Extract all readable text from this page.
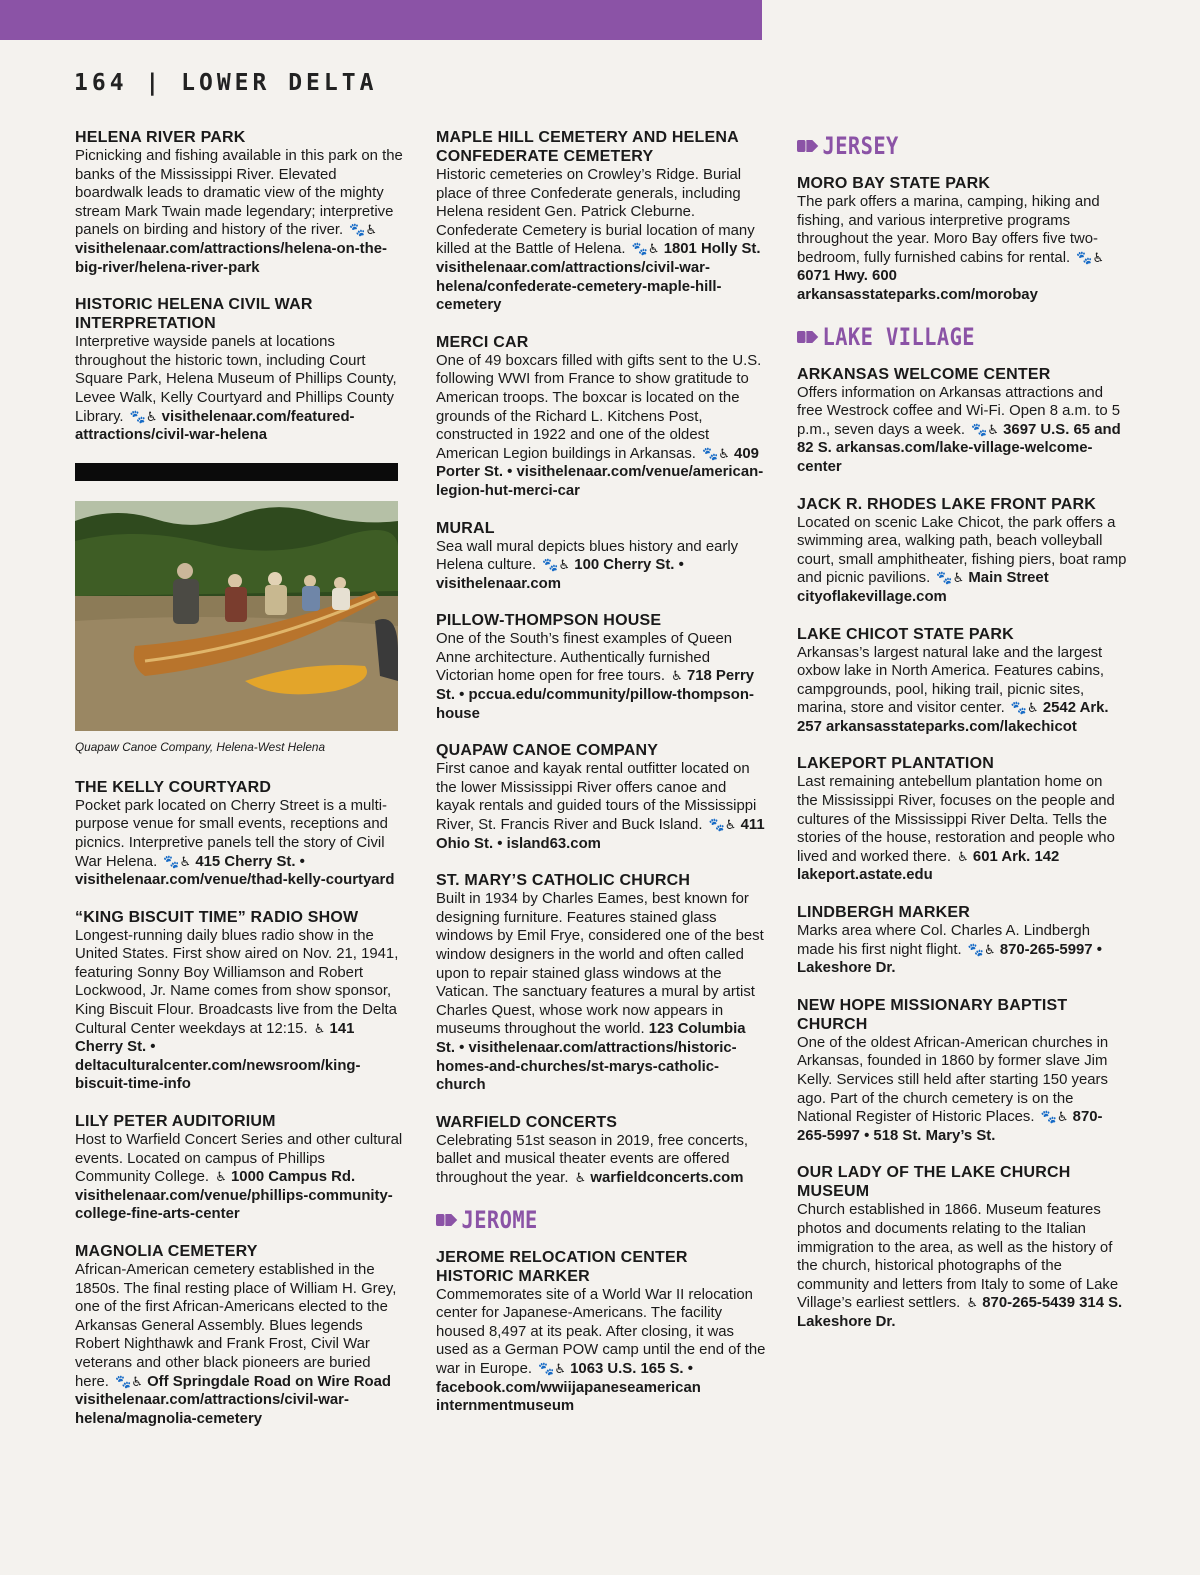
164 | LOWER DELTA
HELENA RIVER PARK
Picnicking and fishing available in this park on the banks of the Mississippi River. Elevated boardwalk leads to dramatic view of the mighty stream Mark Twain made legendary; interpretive panels on birding and history of the river. 🐾♿ visithelenaar.com/attractions/helena-on-the-big-river/helena-river-park
HISTORIC HELENA CIVIL WAR INTERPRETATION
Interpretive wayside panels at locations throughout the historic town, including Court Square Park, Helena Museum of Phillips County, Levee Walk, Kelly Courtyard and Phillips County Library. 🐾♿ visithelenaar.com/featured-attractions/civil-war-helena
Quapaw Canoe Company, Helena-West Helena
THE KELLY COURTYARD
Pocket park located on Cherry Street is a multi-purpose venue for small events, receptions and picnics. Interpretive panels tell the story of Civil War Helena. 🐾♿ 415 Cherry St. • visithelenaar.com/venue/thad-kelly-courtyard
“KING BISCUIT TIME” RADIO SHOW
Longest-running daily blues radio show in the United States. First show aired on Nov. 21, 1941, featuring Sonny Boy Williamson and Robert Lockwood, Jr. Name comes from show sponsor, King Biscuit Flour. Broadcasts live from the Delta Cultural Center weekdays at 12:15. ♿ 141 Cherry St. • deltaculturalcenter.com/newsroom/king-biscuit-time-info
LILY PETER AUDITORIUM
Host to Warfield Concert Series and other cultural events. Located on campus of Phillips Community College. ♿ 1000 Campus Rd. visithelenaar.com/venue/phillips-community-college-fine-arts-center
MAGNOLIA CEMETERY
African-American cemetery established in the 1850s. The final resting place of William H. Grey, one of the first African-Americans elected to the Arkansas General Assembly. Blues legends Robert Nighthawk and Frank Frost, Civil War veterans and other black pioneers are buried here. 🐾♿ Off Springdale Road on Wire Road visithelenaar.com/attractions/civil-war-helena/magnolia-cemetery
MAPLE HILL CEMETERY AND HELENA CONFEDERATE CEMETERY
Historic cemeteries on Crowley’s Ridge. Burial place of three Confederate generals, including Helena resident Gen. Patrick Cleburne. Confederate Cemetery is burial location of many killed at the Battle of Helena. 🐾♿ 1801 Holly St. visithelenaar.com/attractions/civil-war-helena/confederate-cemetery-maple-hill-cemetery
MERCI CAR
One of 49 boxcars filled with gifts sent to the U.S. following WWI from France to show gratitude to American troops. The boxcar is located on the grounds of the Richard L. Kitchens Post, constructed in 1922 and one of the oldest American Legion buildings in Arkansas. 🐾♿ 409 Porter St. • visithelenaar.com/venue/american-legion-hut-merci-car
MURAL
Sea wall mural depicts blues history and early Helena culture. 🐾♿ 100 Cherry St. • visithelenaar.com
PILLOW-THOMPSON HOUSE
One of the South’s finest examples of Queen Anne architecture. Authentically furnished Victorian home open for free tours. ♿ 718 Perry St. • pccua.edu/community/pillow-thompson-house
QUAPAW CANOE COMPANY
First canoe and kayak rental outfitter located on the lower Mississippi River offers canoe and kayak rentals and guided tours of the Mississippi River, St. Francis River and Buck Island. 🐾♿ 411 Ohio St. • island63.com
ST. MARY’S CATHOLIC CHURCH
Built in 1934 by Charles Eames, best known for designing furniture. Features stained glass windows by Emil Frye, considered one of the best window designers in the world and often called upon to repair stained glass windows at the Vatican. The sanctuary features a mural by artist Charles Quest, whose work now appears in museums throughout the world. 123 Columbia St. • visithelenaar.com/attractions/historic-homes-and-churches/st-marys-catholic-church
WARFIELD CONCERTS
Celebrating 51st season in 2019, free concerts, ballet and musical theater events are offered throughout the year. ♿ warfieldconcerts.com
JEROME
JEROME RELOCATION CENTER HISTORIC MARKER
Commemorates site of a World War II relocation center for Japanese-Americans. The facility housed 8,497 at its peak. After closing, it was used as a German POW camp until the end of the war in Europe. 🐾♿ 1063 U.S. 165 S. • facebook.com/wwiijapaneseamerican internmentmuseum
JERSEY
MORO BAY STATE PARK
The park offers a marina, camping, hiking and fishing, and various interpretive programs throughout the year. Moro Bay offers five two-bedroom, fully furnished cabins for rental. 🐾♿ 6071 Hwy. 600 arkansasstateparks.com/morobay
LAKE VILLAGE
ARKANSAS WELCOME CENTER
Offers information on Arkansas attractions and free Westrock coffee and Wi-Fi. Open 8 a.m. to 5 p.m., seven days a week. 🐾♿ 3697 U.S. 65 and 82 S. arkansas.com/lake-village-welcome-center
JACK R. RHODES LAKE FRONT PARK
Located on scenic Lake Chicot, the park offers a swimming area, walking path, beach volleyball court, small amphitheater, fishing piers, boat ramp and picnic pavilions. 🐾♿ Main Street cityoflakevillage.com
LAKE CHICOT STATE PARK
Arkansas’s largest natural lake and the largest oxbow lake in North America. Features cabins, campgrounds, pool, hiking trail, picnic sites, marina, store and visitor center. 🐾♿ 2542 Ark. 257 arkansasstateparks.com/lakechicot
LAKEPORT PLANTATION
Last remaining antebellum plantation home on the Mississippi River, focuses on the people and cultures of the Mississippi River Delta. Tells the stories of the house, restoration and people who lived and worked there. ♿ 601 Ark. 142 lakeport.astate.edu
LINDBERGH MARKER
Marks area where Col. Charles A. Lindbergh made his first night flight. 🐾♿ 870-265-5997 • Lakeshore Dr.
NEW HOPE MISSIONARY BAPTIST CHURCH
One of the oldest African-American churches in Arkansas, founded in 1860 by former slave Jim Kelly. Services still held after starting 150 years ago. Part of the church cemetery is on the National Register of Historic Places. 🐾♿ 870-265-5997 • 518 St. Mary’s St.
OUR LADY OF THE LAKE CHURCH MUSEUM
Church established in 1866. Museum features photos and documents relating to the Italian immigration to the area, as well as the history of the church, historical photographs of the community and letters from Italy to some of Lake Village’s earliest settlers. ♿ 870-265-5439 314 S. Lakeshore Dr.
